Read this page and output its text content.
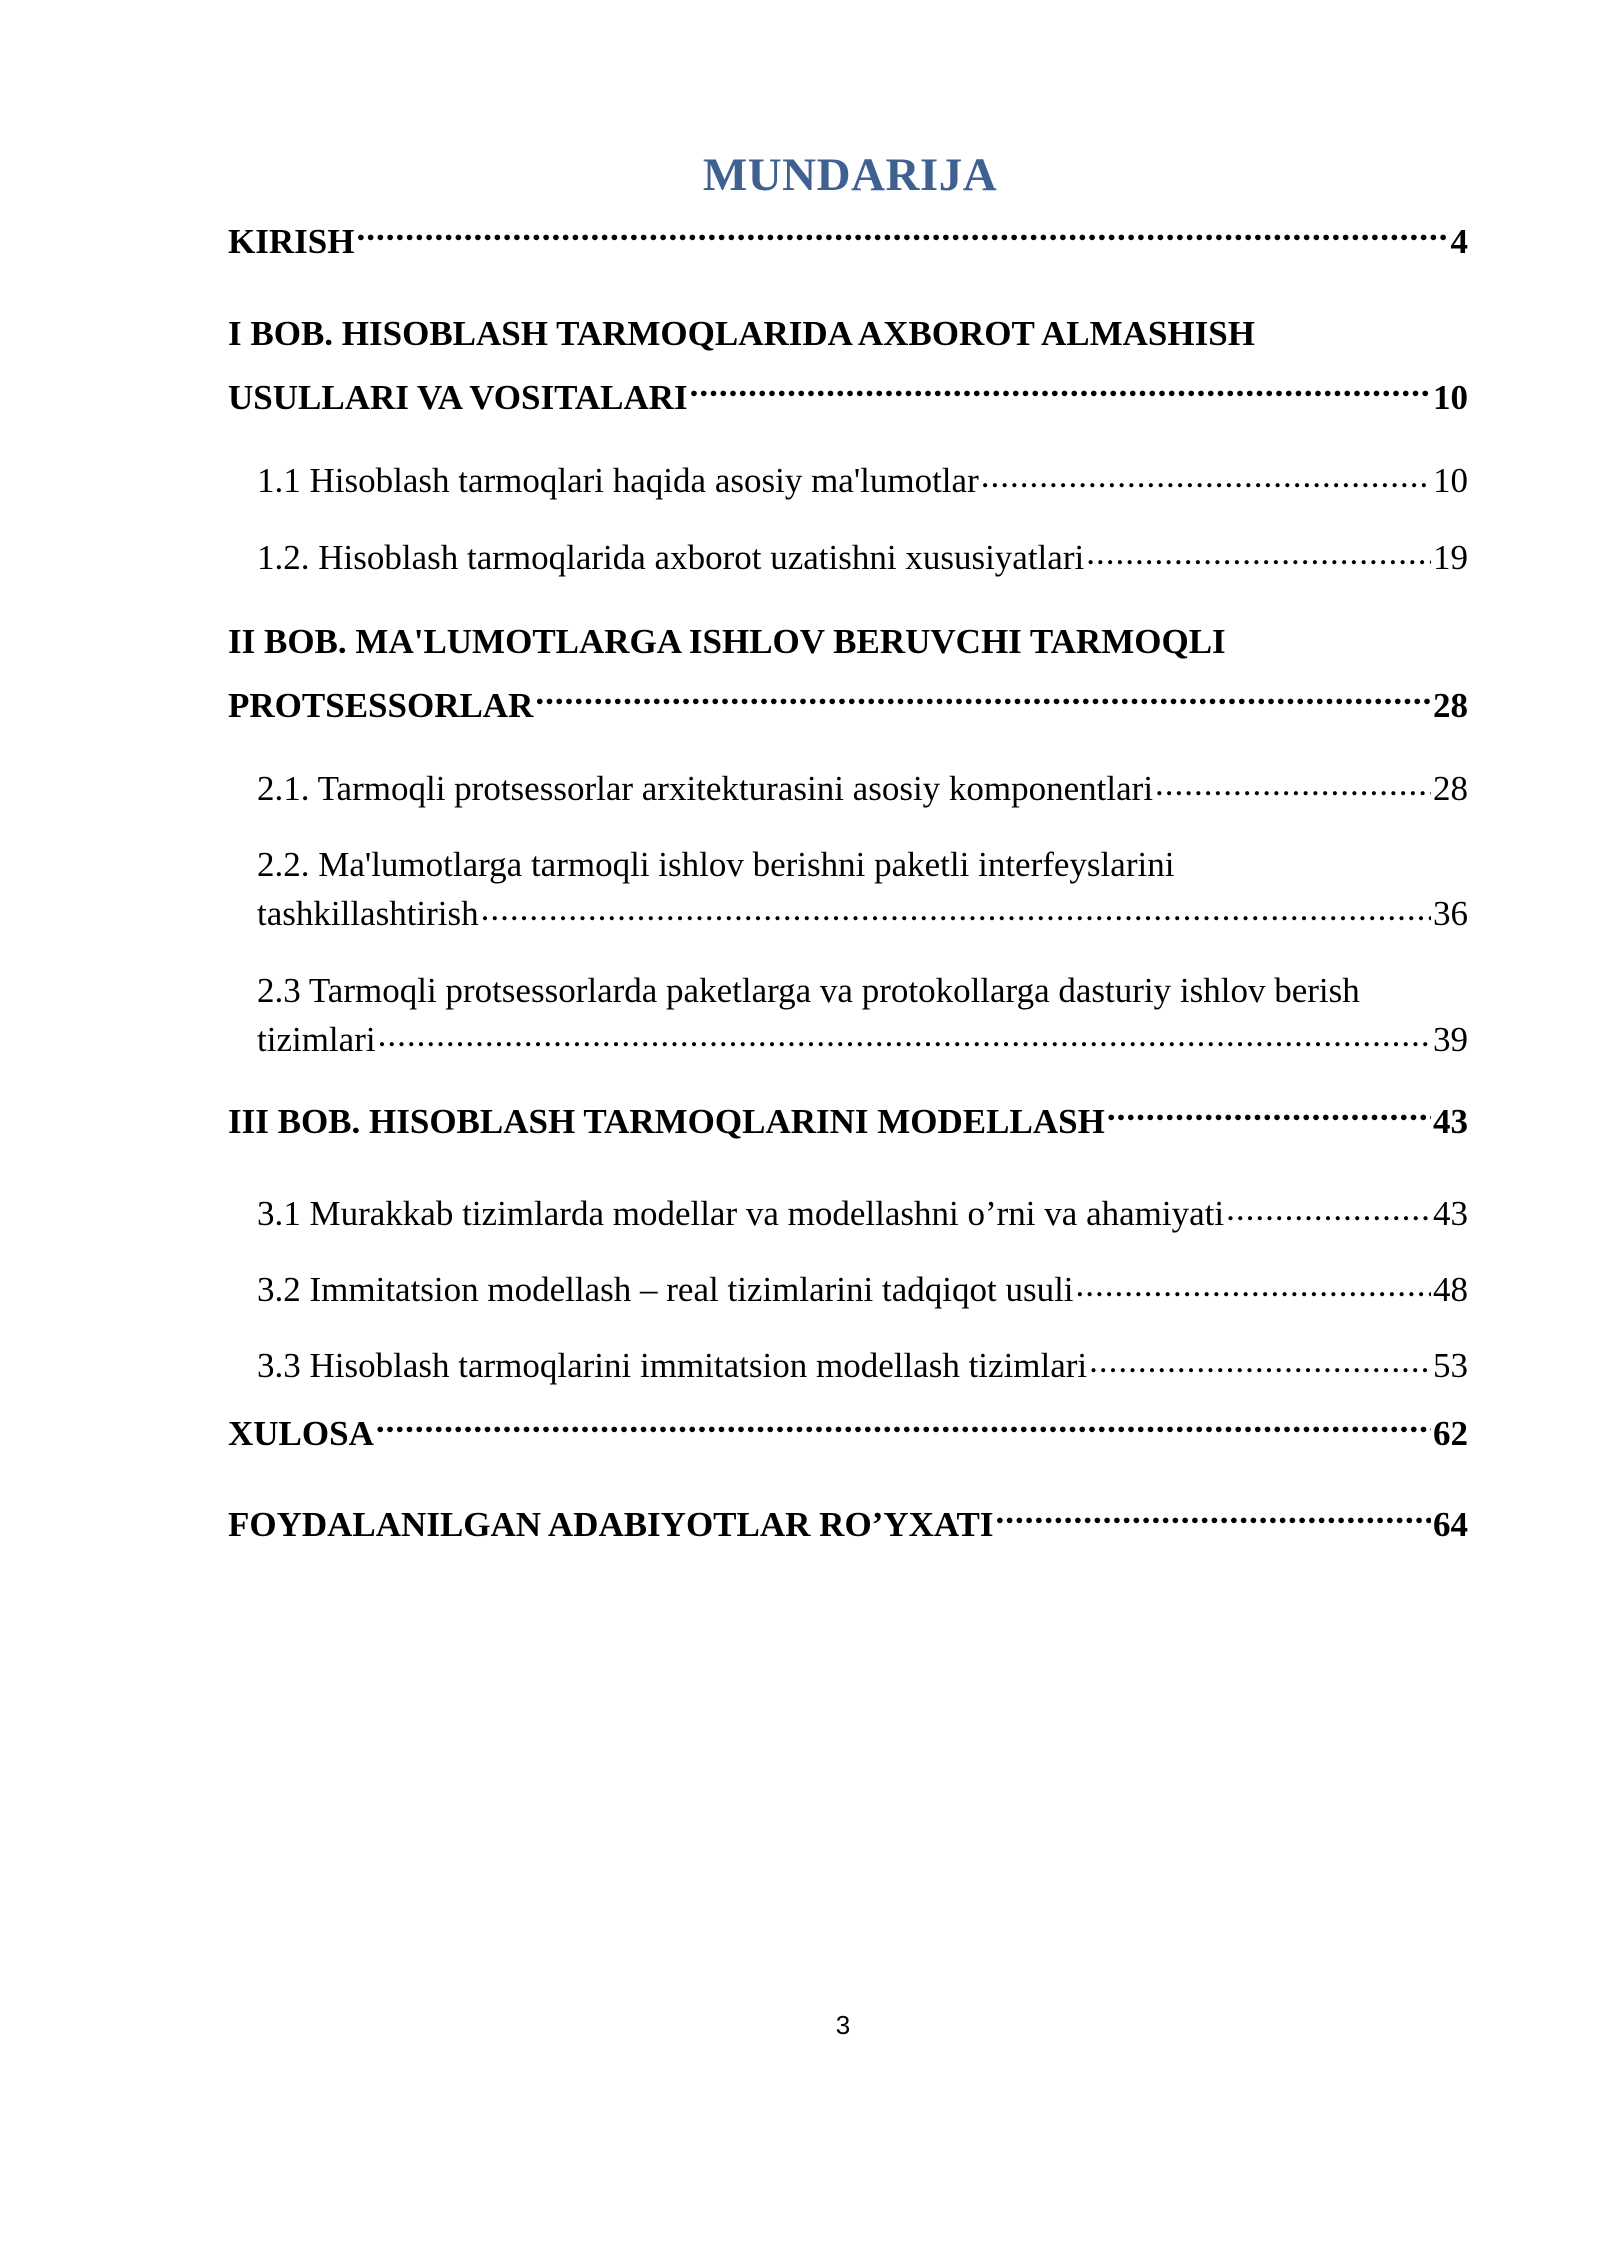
MUNDARIJA
KIRISH .....	4
I BOB. HISOBLASH TARMOQLARIDA AXBOROT ALMASHISH
USULLARI VA VOSITALARI .....	10
1.1 Hisoblash tarmoqlari haqida asosiy ma'lumotlar .....	10
1.2. Hisoblash tarmoqlarida axborot uzatishni xususiyatlari .....	19
II BOB. MA'LUMOTLARGA ISHLOV BERUVCHI TARMOQLI
PROTSESSORLAR .....	28
2.1. Tarmoqli protsessorlar arxitekturasini asosiy komponentlari .....	28
2.2. Ma'lumotlarga tarmoqli ishlov berishni paketli interfeyslarini
tashkillashtirish .....	36
2.3 Tarmoqli protsessorlarda paketlarga va protokollarga dasturiy ishlov berish
tizimlari .....	39
III BOB. HISOBLASH TARMOQLARINI MODELLASH .....	43
3.1 Murakkab tizimlarda modellar va modellashni o’rni va ahamiyati .....	43
3.2 Immitatsion modellash – real tizimlarini tadqiqot usuli .....	48
3.3 Hisoblash tarmoqlarini immitatsion modellash tizimlari .....	53
XULOSA .....	62
FOYDALANILGAN ADABIYOTLAR RO’YXATI .....	64
3
